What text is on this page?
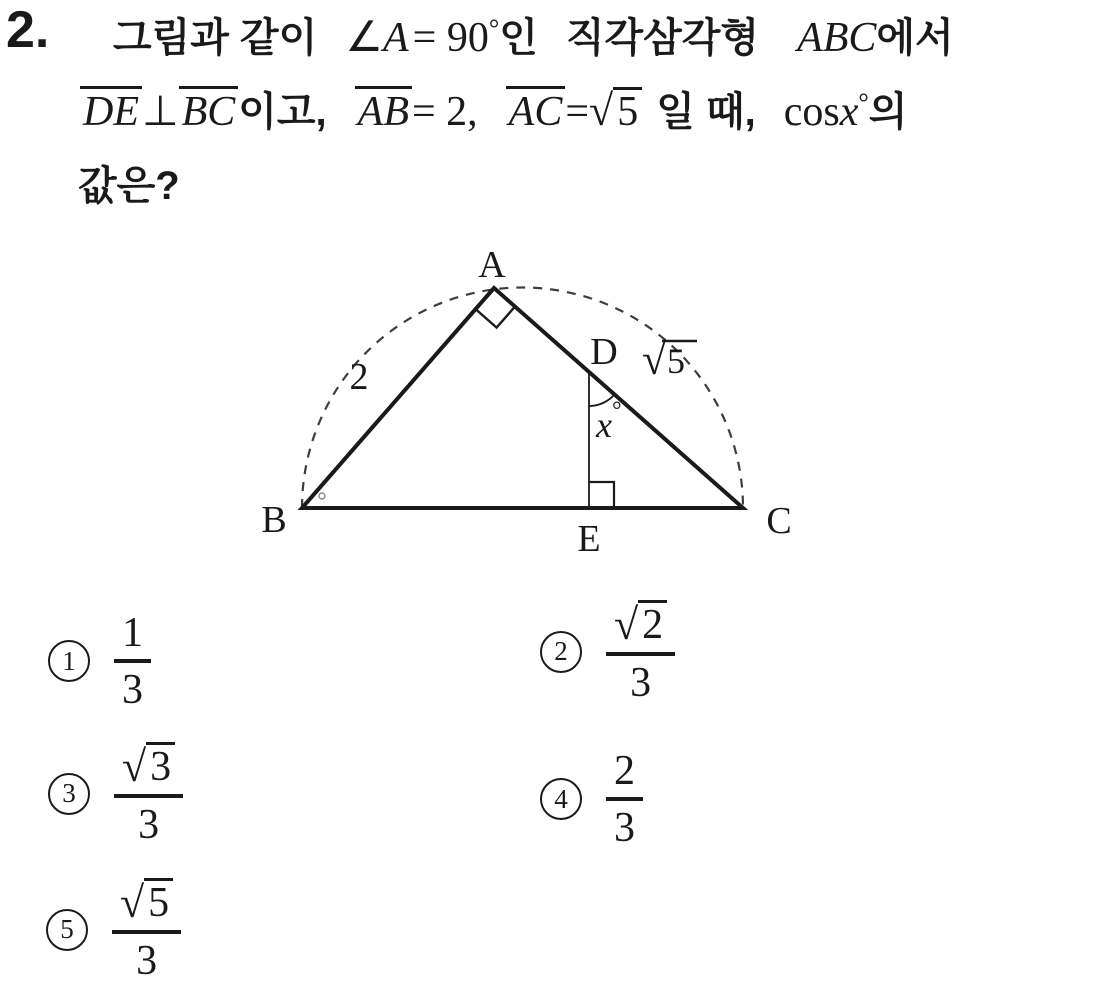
2. 그림과 같이 ∠A = 90°인 직각삼각형 ABC에서
DE⊥BC이고, AB= 2, AC=√5 일 때, cosx°의
값은?
A
B	C
D
E
2	√ 5
x °
$1 \frac{1}{3}$	$2 \frac{√ 2}{3}$
$3 \frac{√ 3}{3}$	$4 \frac{2}{3}$
$5 \frac{√ 5}{3}$
